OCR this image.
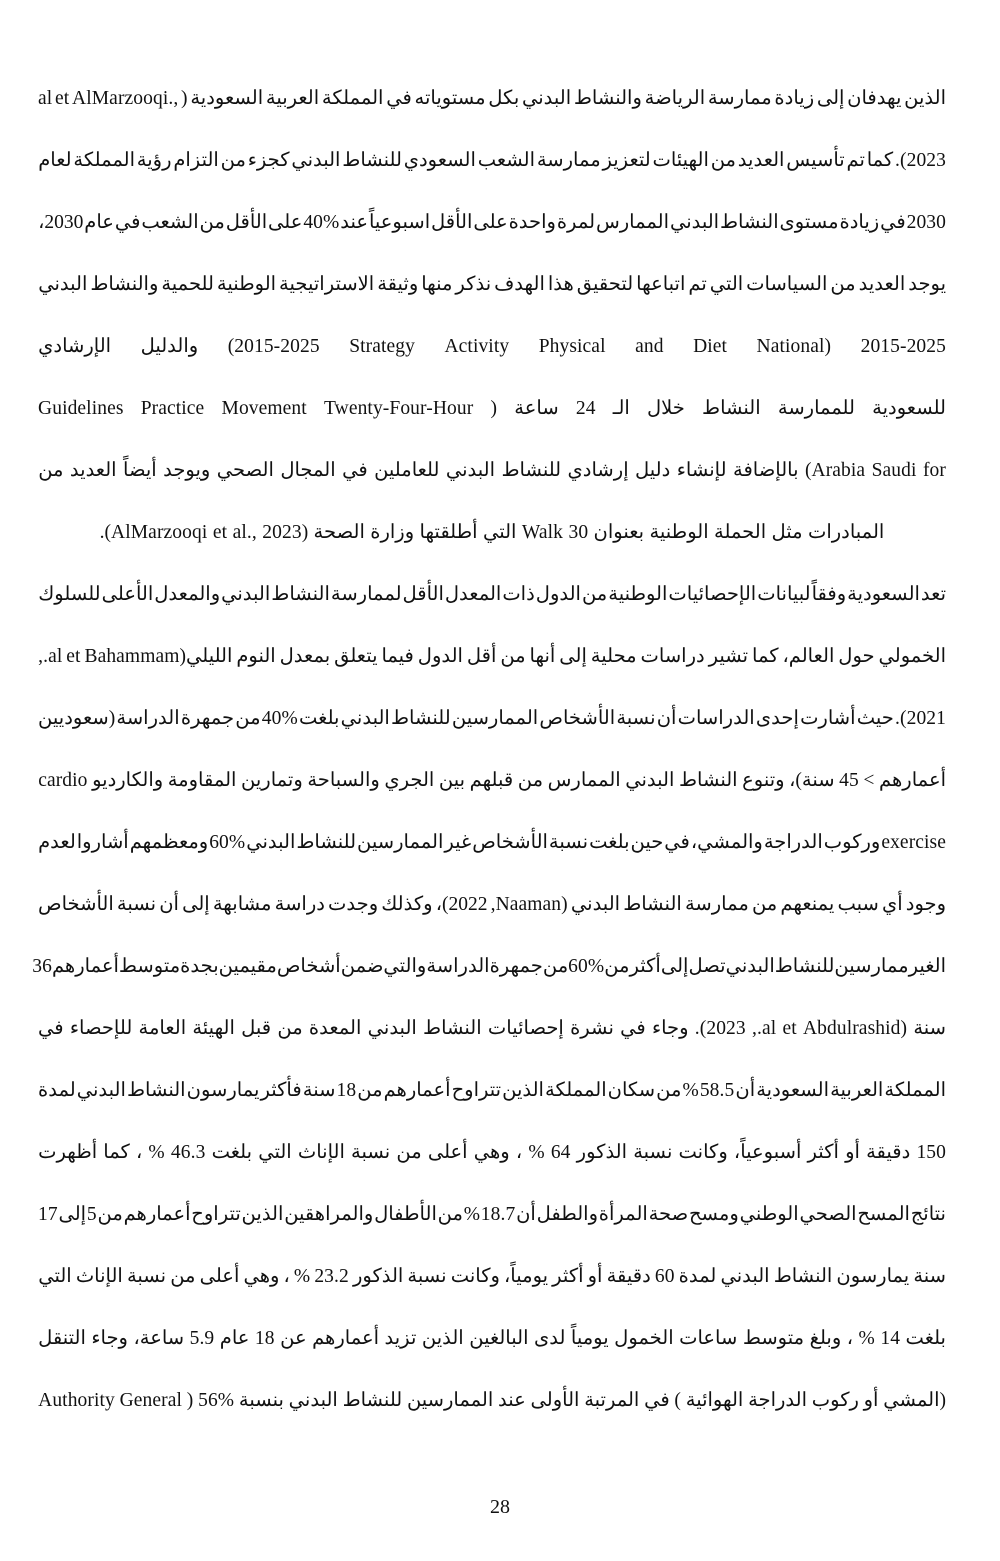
الذين
يهدفان
إلى
زيادة
ممارسة
الرياضة
والنشاط
البدني
بكل
مستوياته
في
المملكة
العربية
السعودية
(
,.AlMarzooqi
et
al
2023).
كما
تم
تأسيس
العديد
من
الهيئات
لتعزيز
ممارسة
الشعب
السعودي
للنشاط
البدني
كجزء
من
التزام
رؤية
المملكة
لعام
2030
في
زيادة
مستوى
النشاط
البدني
الممارس
لمرة
واحدة
على
الأقل
اسبوعياً
عند
40%
على
الأقل
من
الشعب
في
عام
2030،
يوجد
العديد
من
السياسات
التي
تم
اتباعها
لتحقيق
هذا
الهدف
نذكر
منها
وثيقة
الاستراتيجية
الوطنية
للحمية
والنشاط
البدني
2015-2025
(National
Diet
and
Physical
Activity
Strategy
2015-2025)
والدليل
الإرشادي
للسعودية
للممارسة
النشاط
خلال
الـ
24
ساعة
(
Twenty-Four-Hour
Movement
Practice
Guidelines
for
Saudi
Arabia)
بالإضافة
لإنشاء
دليل
إرشادي
للنشاط
البدني
للعاملين
في
المجال
الصحي
ويوجد
أيضاً
العديد
من
المبادرات مثل الحملة الوطنية بعنوان Walk 30 التي أطلقتها وزارة الصحة (AlMarzooqi et al., 2023).
تعد
السعودية
وفقاً
لبيانات
الإحصائيات
الوطنية
من
الدول
ذات
المعدل
الأقل
لممارسة
النشاط
البدني
والمعدل
الأعلى
للسلوك
الخمولي
حول
العالم،
كما
تشير
دراسات
محلية
إلى
أنها
من
أقل
الدول
فيما
يتعلق
بمعدل
النوم
الليلي(Bahammam
et
al.,
2021).
حيث
أشارت
إحدى
الدراسات
أن
نسبة
الأشخاص
الممارسين
للنشاط
البدني
بلغت
40%
من
جمهرة
الدراسة
(سعوديين
أعمارهم
>
45
سنة)،
وتنوع
النشاط
البدني
الممارس
من
قبلهم
بين
الجري
والسباحة
وتمارين
المقاومة
والكارديو
cardio
exercise
وركوب
الدراجة
والمشي،
في
حين
بلغت
نسبة
الأشخاص
غير
الممارسين
للنشاط
البدني
60%
ومعظمهم
أشاروا
لعدم
وجود
أي
سبب
يمنعهم
من
ممارسة
النشاط
البدني
(Naaman,
2022)،
وكذلك
وجدت
دراسة
مشابهة
إلى
أن
نسبة
الأشخاص
الغير
ممارسين
للنشاط
البدني
تصل
إلى
أكثر
من
60%
من
جمهرة
الدراسة
والتي
ضمن
أشخاص
مقيمين
بجدة
متوسط
أعمارهم
36
سنة
(Abdulrashid
et
al.,
2023).
وجاء
في
نشرة
إحصائيات
النشاط
البدني
المعدة
من
قبل
الهيئة
العامة
للإحصاء
في
المملكة
العربية
السعودية
أن
58.5
%
من
سكان
المملكة
الذين
تتراوح
أعمارهم
من
18
سنة
فأكثر
يمارسون
النشاط
البدني
لمدة
150
دقيقة
أو
أكثر
أسبوعياً،
وكانت
نسبة
الذكور
64
%
،
وهي
أعلى
من
نسبة
الإناث
التي
بلغت
46.3
%
،
كما
أظهرت
نتائج
المسح
الصحي
الوطني
ومسح
صحة
المرأة
والطفل
أن
18.7
%
من
الأطفال
والمراهقين
الذين
تتراوح
أعمارهم
من
5
إلى
17
سنة
يمارسون
النشاط
البدني
لمدة
60
دقيقة
أو
أكثر
يومياً،
وكانت
نسبة
الذكور
23.2
%
،
وهي
أعلى
من
نسبة
الإناث
التي
بلغت
14
%
،
وبلغ
متوسط
ساعات
الخمول
يومياً
لدى
البالغين
الذين
تزيد
أعمارهم
عن
18
عام
5.9
ساعة،
وجاء
التنقل
(المشي
أو
ركوب
الدراجة
الهوائية
)
في
المرتبة
الأولى
عند
الممارسين
للنشاط
البدني
بنسبة
56%
(
General
Authority
28
